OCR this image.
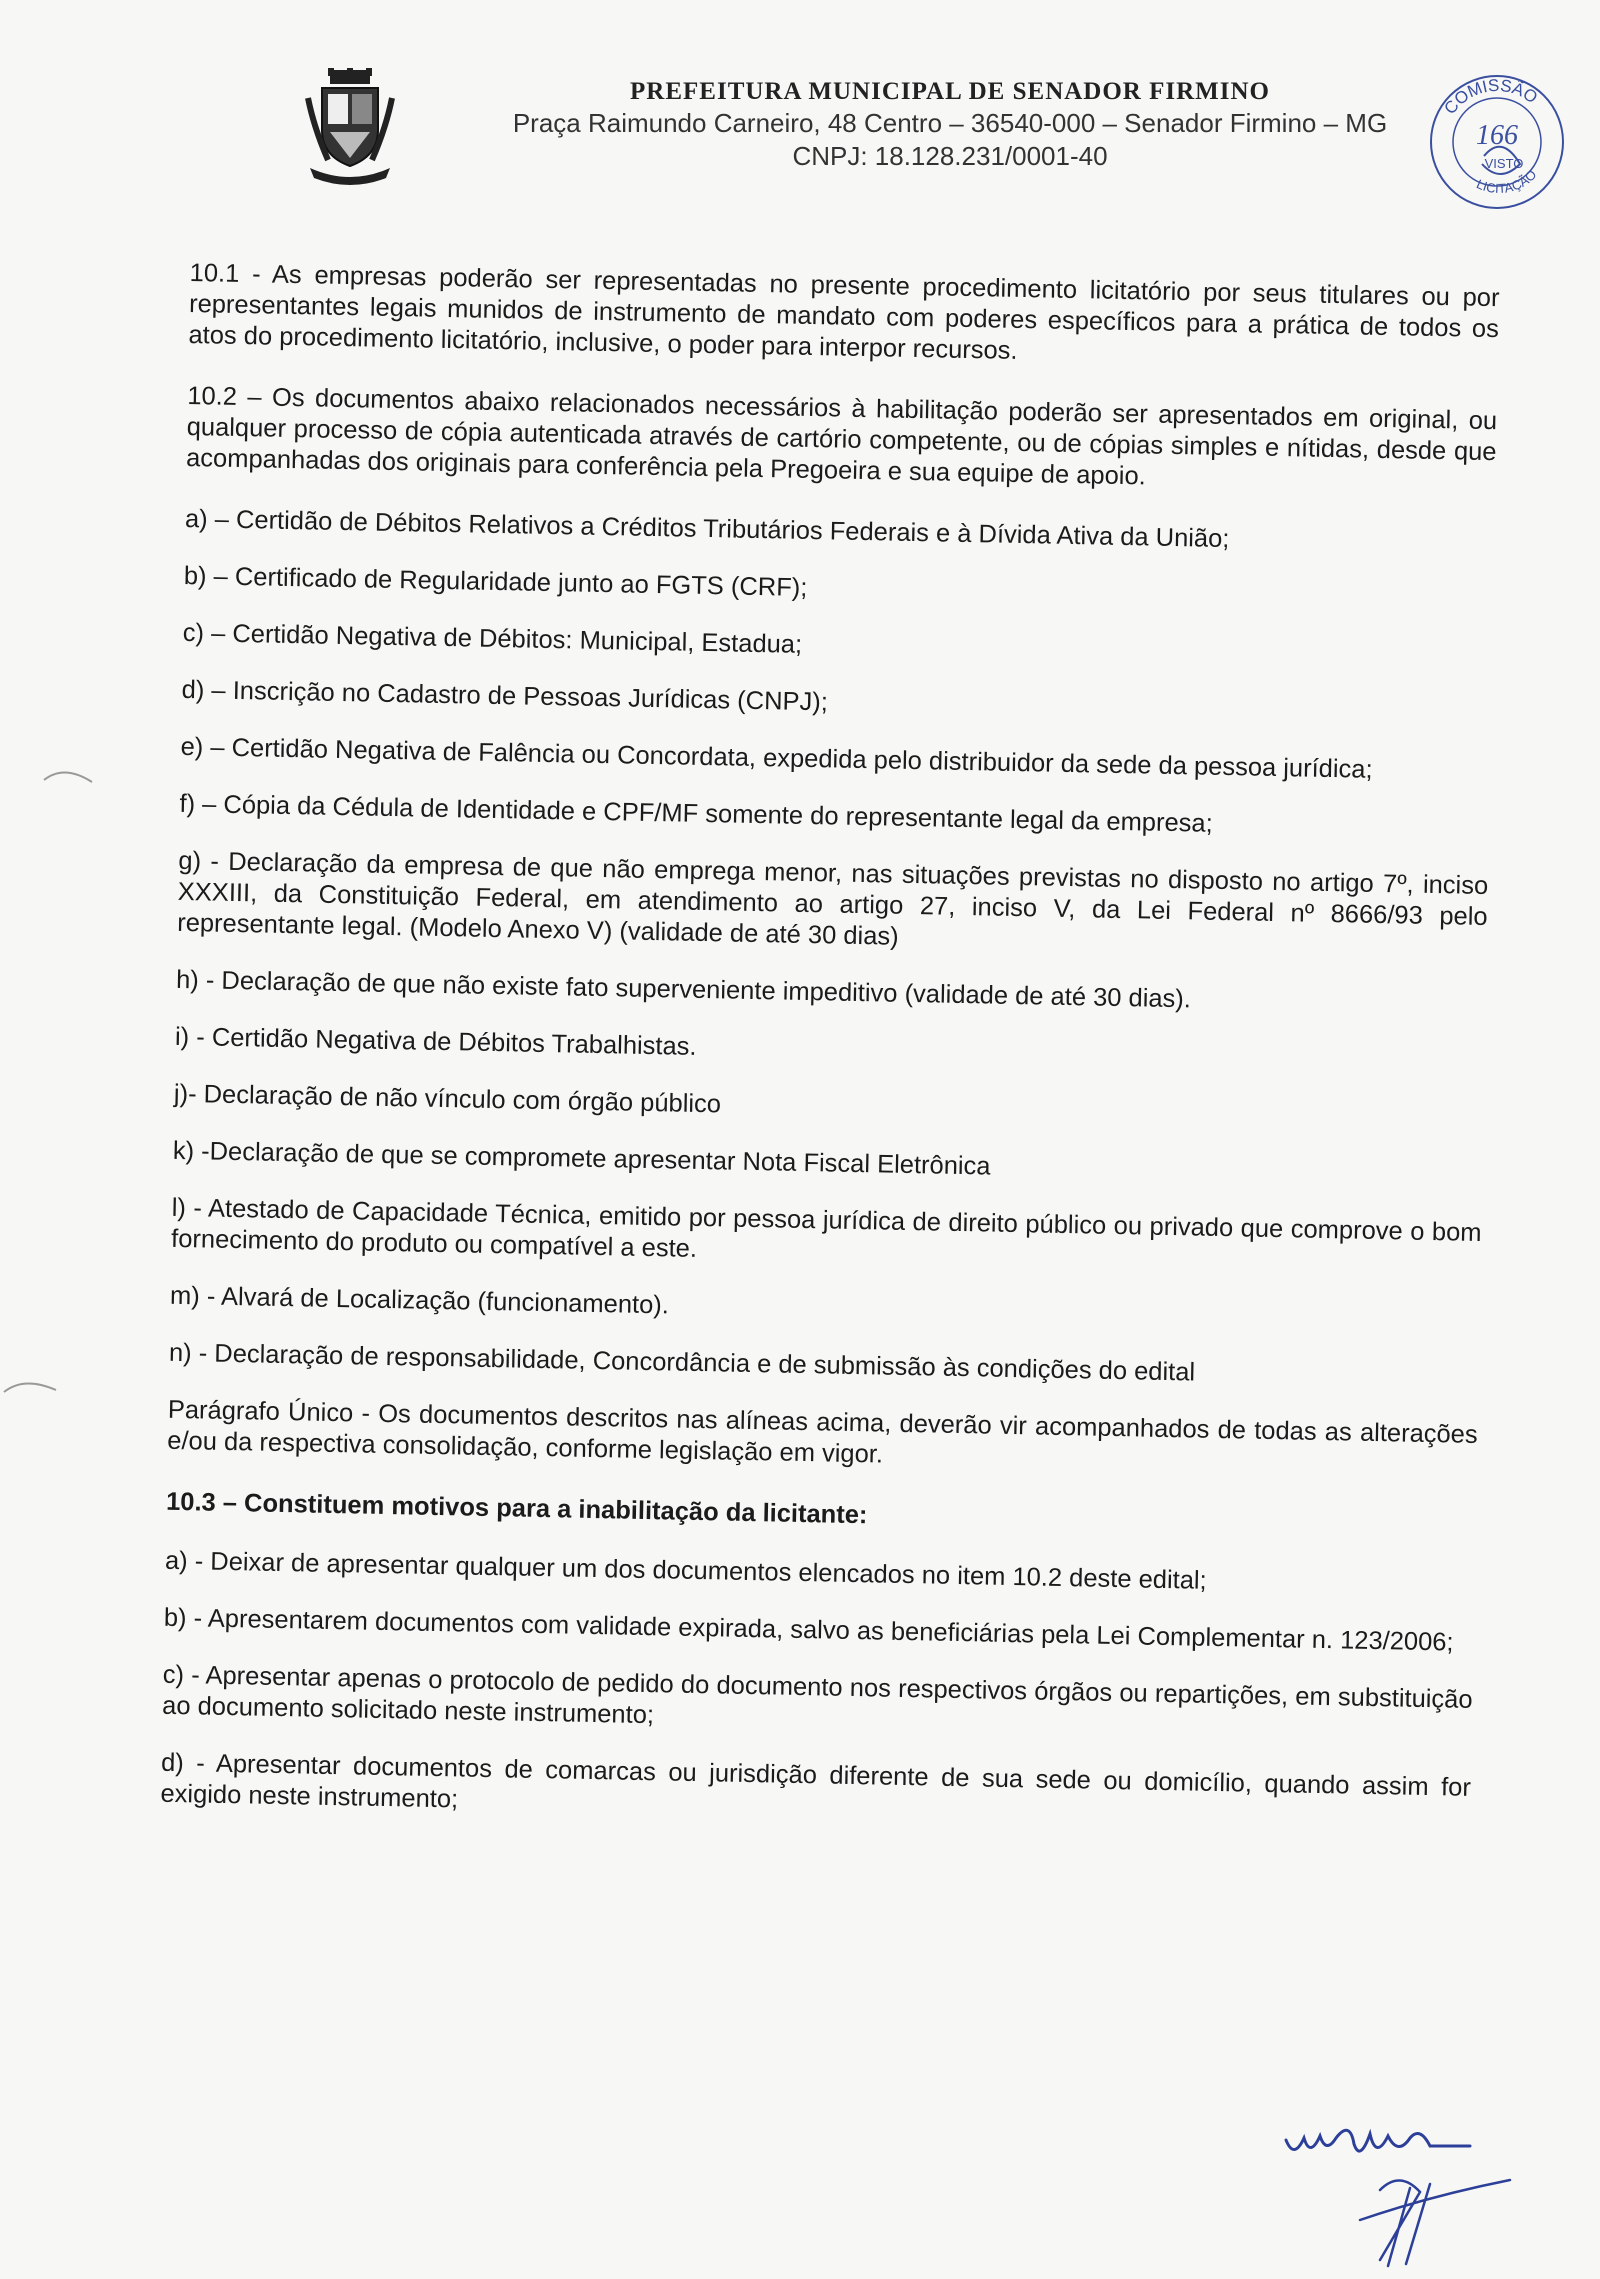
PREFEITURA MUNICIPAL DE SENADOR FIRMINO
Praça Raimundo Carneiro, 48 Centro – 36540-000 – Senador Firmino – MG
CNPJ: 18.128.231/0001-40
COMISSÃO
166
VISTO
LICITAÇÃO

10.1 - As empresas poderão ser representadas no presente procedimento licitatório por seus titulares ou por representantes legais munidos de instrumento de mandato com poderes específicos para a prática de todos os atos do procedimento licitatório, inclusive, o poder para interpor recursos.

10.2 – Os documentos abaixo relacionados necessários à habilitação poderão ser apresentados em original, ou qualquer processo de cópia autenticada através de cartório competente, ou de cópias simples e nítidas, desde que acompanhadas dos originais para conferência pela Pregoeira e sua equipe de apoio.

a) – Certidão de Débitos Relativos a Créditos Tributários Federais e à Dívida Ativa da União;

b) – Certificado de Regularidade junto ao FGTS (CRF);

c) – Certidão Negativa de Débitos: Municipal, Estadua;

d) – Inscrição no Cadastro de Pessoas Jurídicas (CNPJ);

e) – Certidão Negativa de Falência ou Concordata, expedida pelo distribuidor da sede da pessoa jurídica;

f) – Cópia da Cédula de Identidade e CPF/MF somente do representante legal da empresa;

g) - Declaração da empresa de que não emprega menor, nas situações previstas no disposto no artigo 7º, inciso XXXIII, da Constituição Federal, em atendimento ao artigo 27, inciso V, da Lei Federal nº 8666/93 pelo representante legal. (Modelo Anexo V) (validade de até 30 dias)

h) - Declaração de que não existe fato superveniente impeditivo (validade de até 30 dias).

i) - Certidão Negativa de Débitos Trabalhistas.

j)- Declaração de não vínculo com órgão público

k) -Declaração de que se compromete apresentar Nota Fiscal Eletrônica

l) - Atestado de Capacidade Técnica, emitido por pessoa jurídica de direito público ou privado que comprove o bom fornecimento do produto ou compatível a este.

m) - Alvará de Localização (funcionamento).

n) - Declaração de responsabilidade, Concordância e de submissão às condições do edital

Parágrafo Único - Os documentos descritos nas alíneas acima, deverão vir acompanhados de todas as alterações e/ou da respectiva consolidação, conforme legislação em vigor.

10.3 – Constituem motivos para a inabilitação da licitante:

a) - Deixar de apresentar qualquer um dos documentos elencados no item 10.2 deste edital;

b) - Apresentarem documentos com validade expirada, salvo as beneficiárias pela Lei Complementar n. 123/2006;

c) - Apresentar apenas o protocolo de pedido do documento nos respectivos órgãos ou repartições, em substituição ao documento solicitado neste instrumento;

d) - Apresentar documentos de comarcas ou jurisdição diferente de sua sede ou domicílio, quando assim for exigido neste instrumento;
